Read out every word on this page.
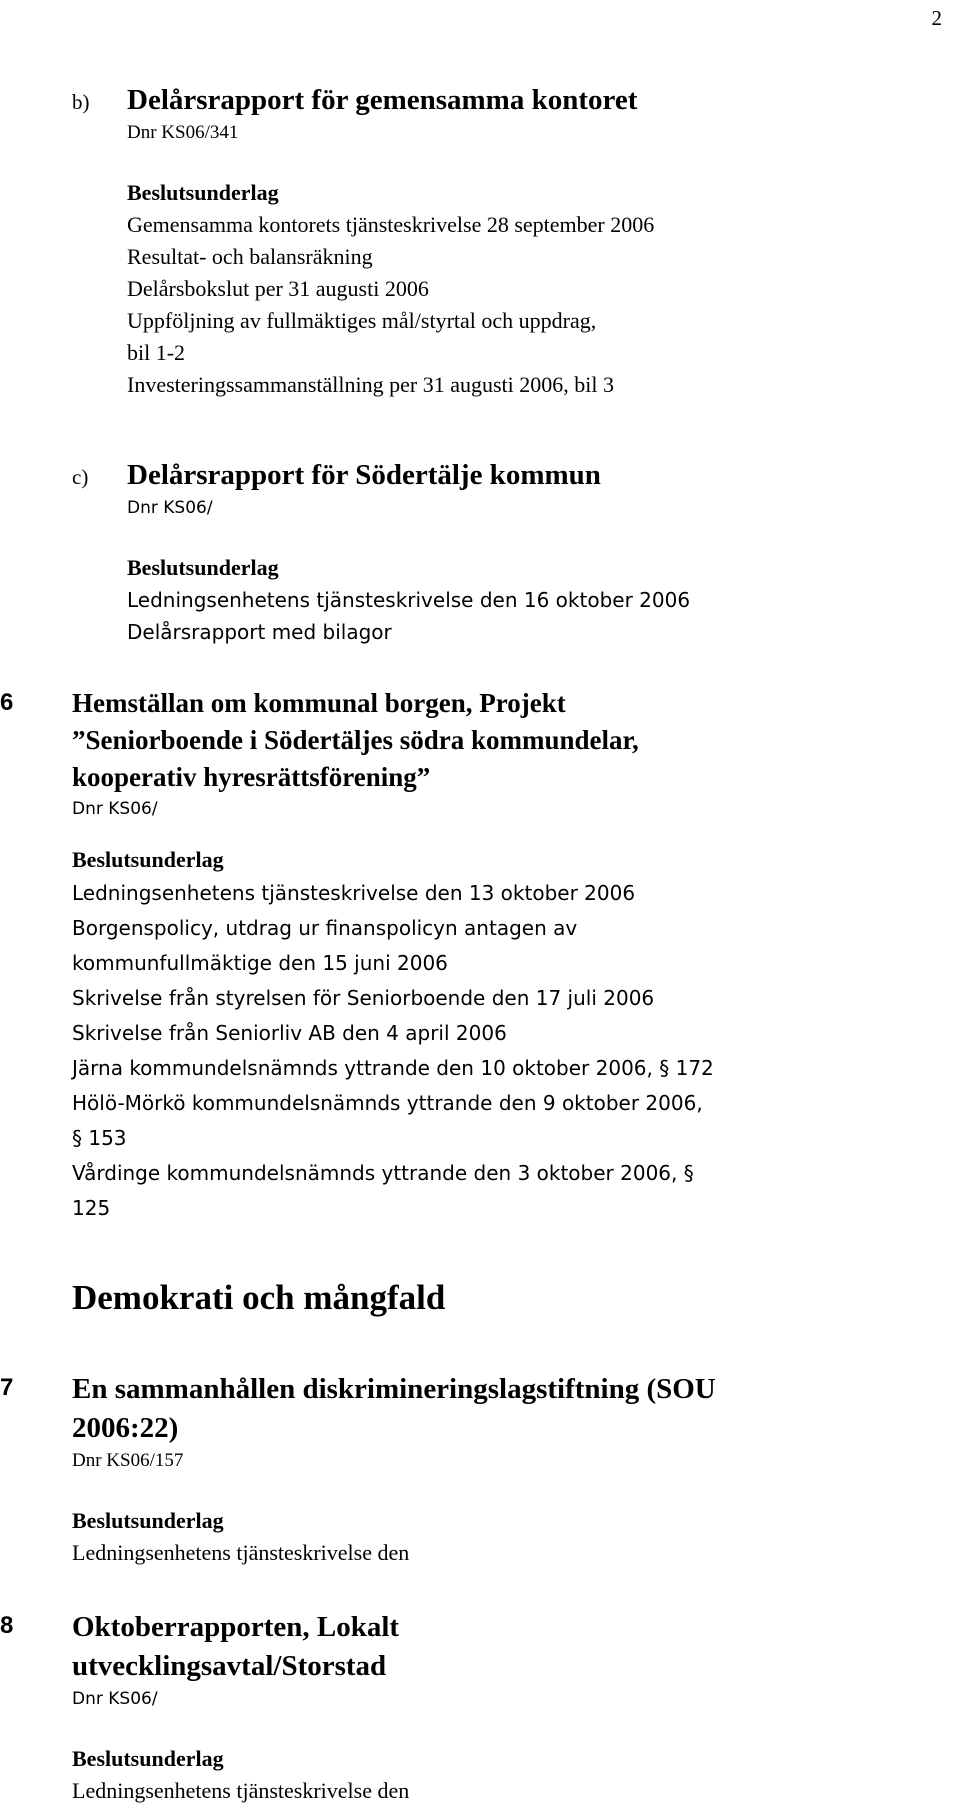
2
b) Delårsrapport för gemensamma kontoret
Dnr KS06/341
Beslutsunderlag
Gemensamma kontorets tjänsteskrivelse 28 september 2006
Resultat- och balansräkning
Delårsbokslut per 31 augusti 2006
Uppföljning av fullmäktiges mål/styrtal och uppdrag,
bil 1-2
Investeringssammanställning per 31 augusti 2006, bil 3
c) Delårsrapport för Södertälje kommun
Dnr KS06/
Beslutsunderlag
Ledningsenhetens tjänsteskrivelse den 16 oktober 2006
Delårsrapport med bilagor
6 Hemställan om kommunal borgen, Projekt
”Seniorboende i Södertäljes södra kommundelar,
kooperativ hyresrättsförening”
Dnr KS06/
Beslutsunderlag
Ledningsenhetens tjänsteskrivelse den 13 oktober 2006
Borgenspolicy, utdrag ur finanspolicyn antagen av
kommunfullmäktige den 15 juni 2006
Skrivelse från styrelsen för Seniorboende den 17 juli 2006
Skrivelse från Seniorliv AB den 4 april 2006
Järna kommundelsnämnds yttrande den 10 oktober 2006, § 172
Hölö-Mörkö kommundelsnämnds yttrande den 9 oktober 2006,
§ 153
Vårdinge kommundelsnämnds yttrande den 3 oktober 2006, §
125
Demokrati och mångfald
7 En sammanhållen diskrimineringslagstiftning (SOU
2006:22)
Dnr KS06/157
Beslutsunderlag
Ledningsenhetens tjänsteskrivelse den
8 Oktoberrapporten, Lokalt
utvecklingsavtal/Storstad
Dnr KS06/
Beslutsunderlag
Ledningsenhetens tjänsteskrivelse den
